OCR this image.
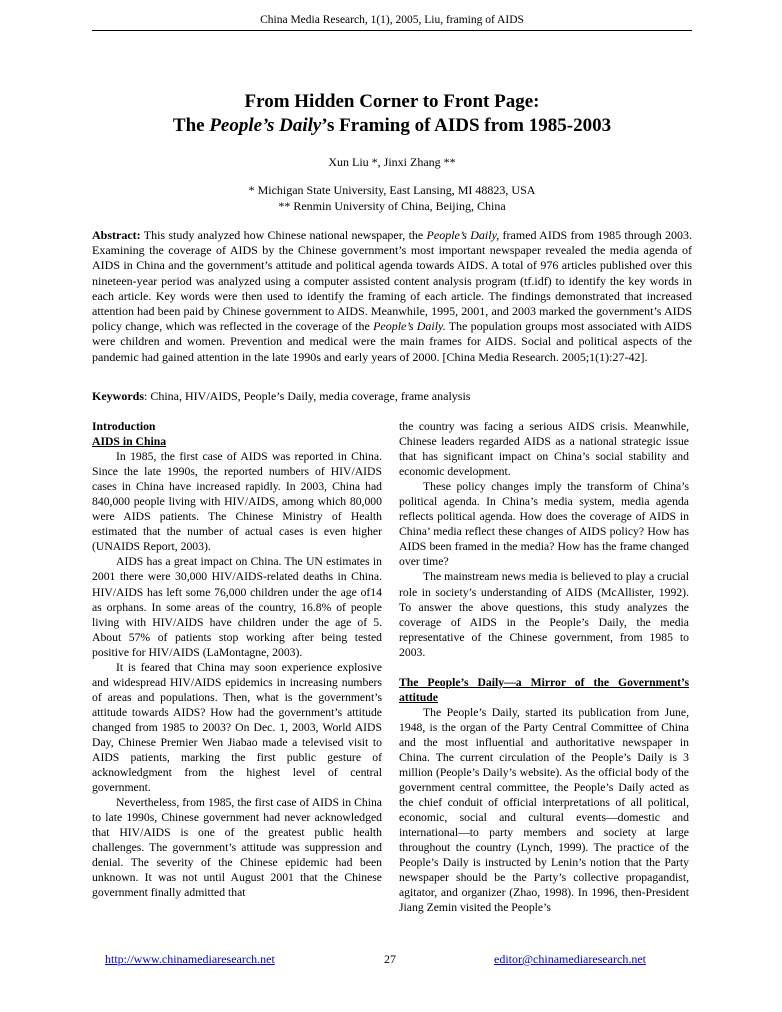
China Media Research, 1(1), 2005, Liu, framing of AIDS

From Hidden Corner to Front Page:

The People’s Daily’s Framing of AIDS from 1985-2003

Xun Liu *, Jinxi Zhang **
* Michigan State University, East Lansing, MI 48823, USA
** Renmin University of China, Beijing, China
Abstract: This study analyzed how Chinese national newspaper, the People’s Daily, framed AIDS from 1985 through 2003. Examining the coverage of AIDS by the Chinese government’s most important newspaper revealed the media agenda of AIDS in China and the government’s attitude and political agenda towards AIDS. A total of 976 articles published over this nineteen-year period was analyzed using a computer assisted content analysis program (tf.idf) to identify the key words in each article. Key words were then used to identify the framing of each article. The findings demonstrated that increased attention had been paid by Chinese government to AIDS. Meanwhile, 1995, 2001, and 2003 marked the government’s AIDS policy change, which was reflected in the coverage of the People’s Daily. The population groups most associated with AIDS were children and women. Prevention and medical were the main frames for AIDS. Social and political aspects of the pandemic had gained attention in the late 1990s and early years of 2000. [China Media Research. 2005;1(1):27-42].
Keywords: China, HIV/AIDS, People’s Daily, media coverage, frame analysis

Introduction

AIDS in China

In 1985, the first case of AIDS was reported in China. Since the late 1990s, the reported numbers of HIV/AIDS cases in China have increased rapidly. In 2003, China had 840,000 people living with HIV/AIDS, among which 80,000 were AIDS patients. The Chinese Ministry of Health estimated that the number of actual cases is even higher (UNAIDS Report, 2003).

AIDS has a great impact on China. The UN estimates in 2001 there were 30,000 HIV/AIDS-related deaths in China. HIV/AIDS has left some 76,000 children under the age of14 as orphans. In some areas of the country, 16.8% of people living with HIV/AIDS have children under the age of 5. About 57% of patients stop working after being tested positive for HIV/AIDS (LaMontagne, 2003).

It is feared that China may soon experience explosive and widespread HIV/AIDS epidemics in increasing numbers of areas and populations. Then, what is the government’s attitude towards AIDS? How had the government’s attitude changed from 1985 to 2003? On Dec. 1, 2003, World AIDS Day, Chinese Premier Wen Jiabao made a televised visit to AIDS patients, marking the first public gesture of acknowledgment from the highest level of central government.

Nevertheless, from 1985, the first case of AIDS in China to late 1990s, Chinese government had never acknowledged that HIV/AIDS is one of the greatest public health challenges. The government’s attitude was suppression and denial. The severity of the Chinese epidemic had been unknown. It was not until August 2001 that the Chinese government finally admitted that

the country was facing a serious AIDS crisis. Meanwhile, Chinese leaders regarded AIDS as a national strategic issue that has significant impact on China’s social stability and economic development.

These policy changes imply the transform of China’s political agenda. In China’s media system, media agenda reflects political agenda. How does the coverage of AIDS in China’ media reflect these changes of AIDS policy? How has AIDS been framed in the media? How has the frame changed over time?

The mainstream news media is believed to play a crucial role in society’s understanding of AIDS (McAllister, 1992). To answer the above questions, this study analyzes the coverage of AIDS in the People’s Daily, the media representative of the Chinese government, from 1985 to 2003.

The People’s Daily—a Mirror of the Government’s attitude

The People’s Daily, started its publication from June, 1948, is the organ of the Party Central Committee of China and the most influential and authoritative newspaper in China. The current circulation of the People’s Daily is 3 million (People’s Daily’s website). As the official body of the government central committee, the People’s Daily acted as the chief conduit of official interpretations of all political, economic, social and cultural events—domestic and international—to party members and society at large throughout the country (Lynch, 1999). The practice of the People’s Daily is instructed by Lenin’s notion that the Party newspaper should be the Party’s collective propagandist, agitator, and organizer (Zhao, 1998). In 1996, then-President Jiang Zemin visited the People’s

http://www.chinamediaresearch.net	27	editor@chinamediaresearch.net
